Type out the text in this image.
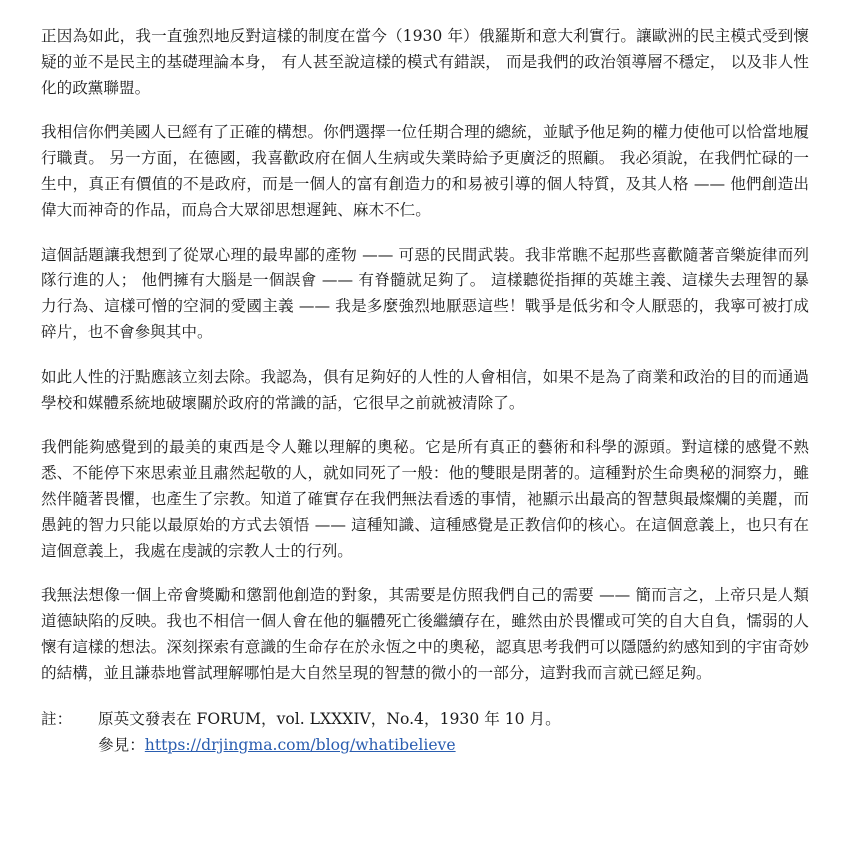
正因為如此，我一直強烈地反對這樣的制度在當今（1930 年）俄羅斯和意大利實行。讓歐洲的民主模式受到懷疑的並不是民主的基礎理論本身， 有人甚至說這樣的模式有錯誤， 而是我們的政治領導層不穩定， 以及非人性化的政黨聯盟。

我相信你們美國人已經有了正確的構想。你們選擇一位任期合理的總統，並賦予他足夠的權力使他可以恰當地履行職責。 另一方面，在德國，我喜歡政府在個人生病或失業時給予更廣泛的照顧。 我必須說，在我們忙碌的一生中，真正有價值的不是政府，而是一個人的富有創造力的和易被引導的個人特質，及其人格 —— 他們創造出偉大而神奇的作品，而烏合大眾卻思想遲鈍、麻木不仁。

這個話題讓我想到了從眾心理的最卑鄙的產物 —— 可惡的民間武裝。我非常瞧不起那些喜歡隨著音樂旋律而列隊行進的人； 他們擁有大腦是一個誤會 —— 有脊髓就足夠了。 這樣聽從指揮的英雄主義、這樣失去理智的暴力行為、這樣可憎的空洞的愛國主義 —— 我是多麼強烈地厭惡這些！戰爭是低劣和令人厭惡的，我寧可被打成碎片，也不會參與其中。

如此人性的汙點應該立刻去除。我認為，俱有足夠好的人性的人會相信，如果不是為了商業和政治的目的而通過學校和媒體系統地破壞關於政府的常識的話，它很早之前就被清除了。

我們能夠感覺到的最美的東西是令人難以理解的奧秘。它是所有真正的藝術和科學的源頭。對這樣的感覺不熟悉、不能停下來思索並且肅然起敬的人，就如同死了一般：他的雙眼是閉著的。這種對於生命奧秘的洞察力，雖然伴隨著畏懼，也產生了宗教。知道了確實存在我們無法看透的事情，祂顯示出最高的智慧與最燦爛的美麗，而愚鈍的智力只能以最原始的方式去領悟 —— 這種知識、這種感覺是正教信仰的核心。在這個意義上，也只有在這個意義上，我處在虔誠的宗教人士的行列。

我無法想像一個上帝會獎勵和懲罰他創造的對象，其需要是仿照我們自己的需要 —— 簡而言之，上帝只是人類道德缺陷的反映。我也不相信一個人會在他的軀體死亡後繼續存在，雖然由於畏懼或可笑的自大自負，懦弱的人懷有這樣的想法。深刻探索有意識的生命存在於永恆之中的奧秘，認真思考我們可以隱隱約約感知到的宇宙奇妙的結構，並且謙恭地嘗試理解哪怕是大自然呈現的智慧的微小的一部分，這對我而言就已經足夠。

註：	原英文發表在 FORUM，vol. LXXXIV，No.4，1930 年 10 月。
參見：https://drjingma.com/blog/whatibelieve
